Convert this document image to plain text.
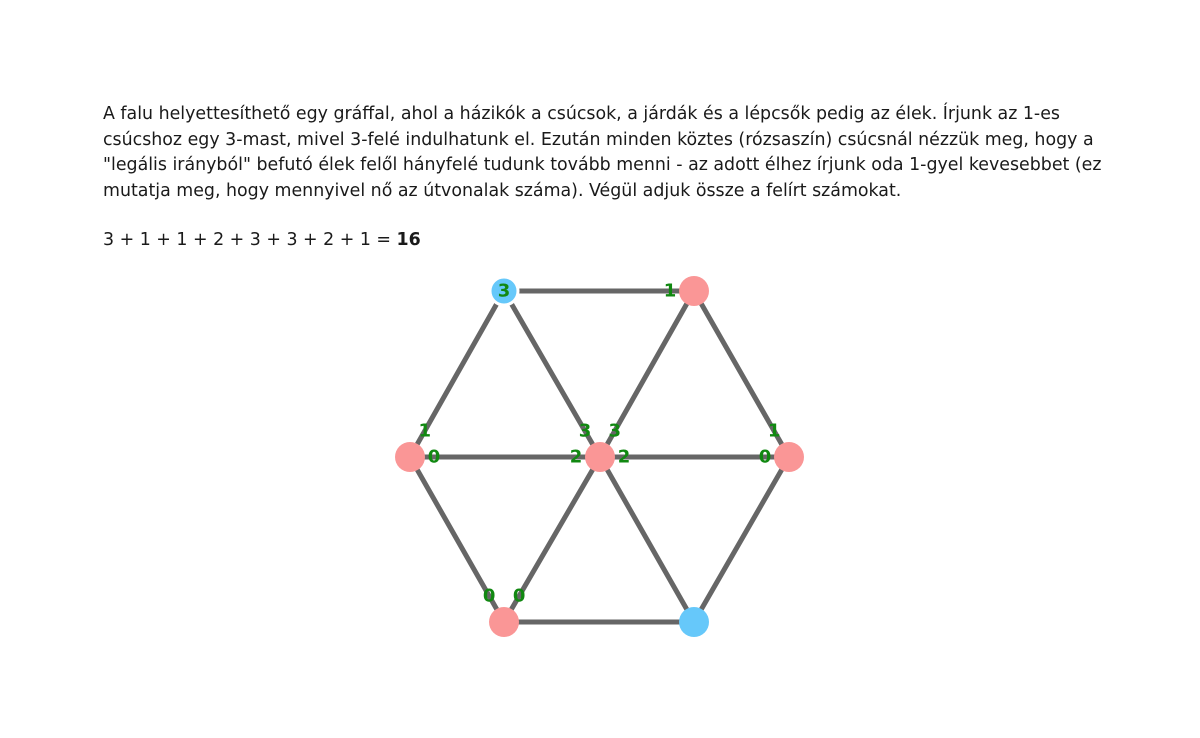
A falu helyettesíthető egy gráffal, ahol a házikók a csúcsok, a járdák és a lépcsők pedig az élek. Írjunk az 1-es csúcshoz egy 3-mast, mivel 3-felé indulhatunk el. Ezután minden köztes (rózsaszín) csúcsnál nézzük meg, hogy a "legális irányból" befutó élek felől hányfelé tudunk tovább menni - az adott élhez írjunk oda 1-gyel kevesebbet (ez mutatja meg, hogy mennyivel nő az útvonalak száma). Végül adjuk össze a felírt számokat.

3 + 1 + 1 + 2 + 3 + 3 + 2 + 1 = 16

3	1
1
0
3 3
2 2
1
0
0 0
